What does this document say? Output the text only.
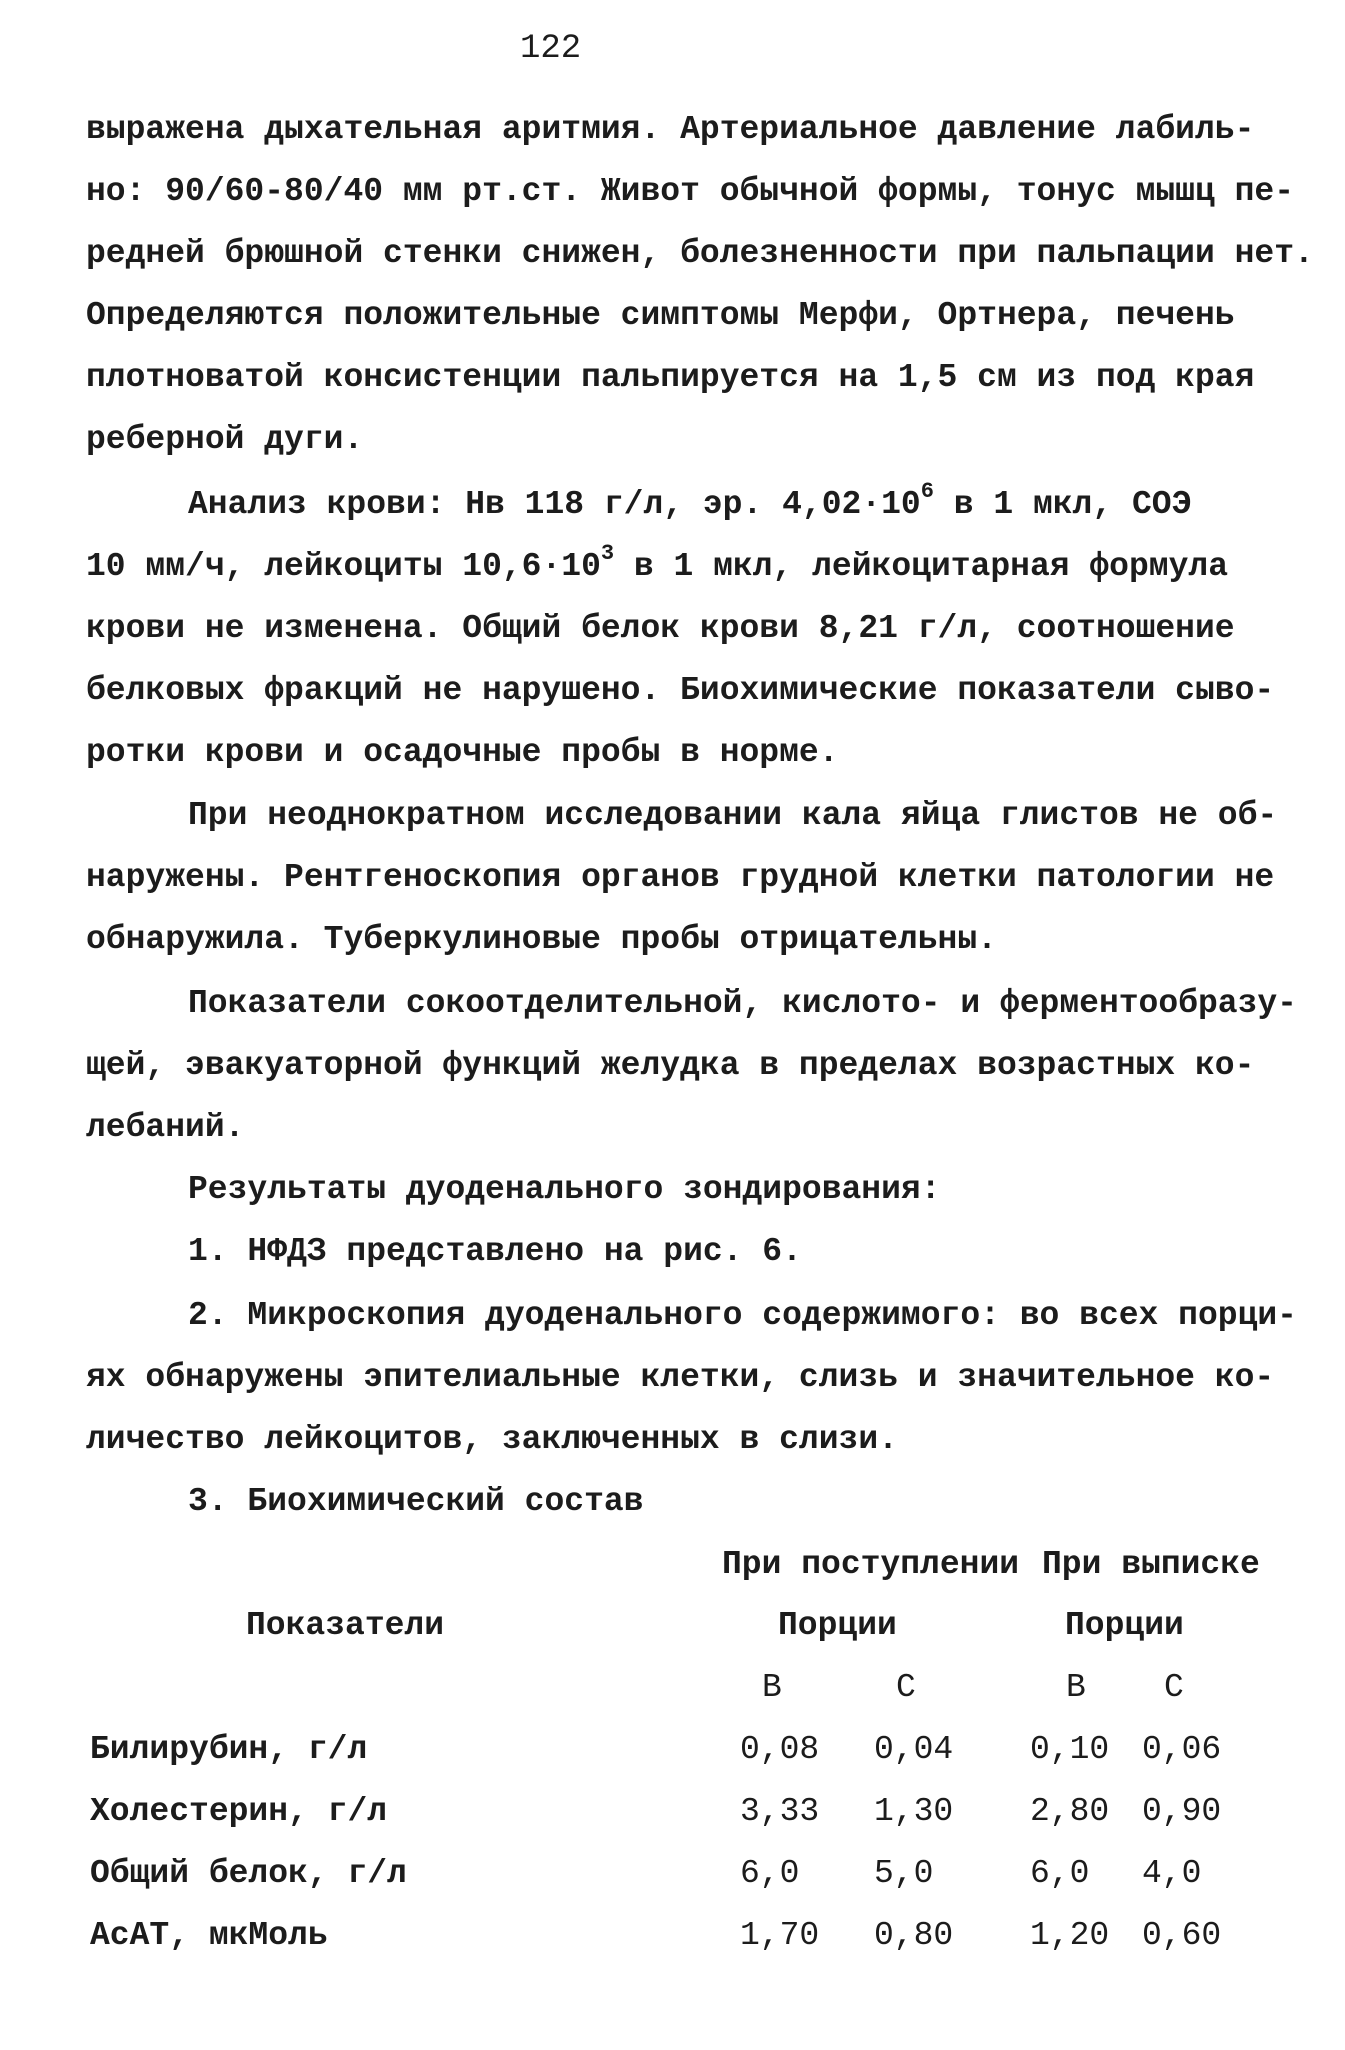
122
выражена дыхательная аритмия. Артериальное давление лабиль-
но: 90/60-80/40 мм рт.ст. Живот обычной формы, тонус мышц пе-
редней брюшной стенки снижен, болезненности при пальпации нет.
Определяются положительные симптомы Мерфи, Ортнера, печень
плотноватой консистенции пальпируется на 1,5 см из под края
реберной дуги.
Анализ крови: Нв 118 г/л, эр. $4,02\cdot 10^6$ в 1 мкл, СОЭ
10 мм/ч, лейкоциты $10,6\cdot 10^3$ в 1 мкл, лейкоцитарная формула
крови не изменена. Общий белок крови 8,21 г/л, соотношение
белковых фракций не нарушено. Биохимические показатели сыво-
ротки крови и осадочные пробы в норме.
При неоднократном исследовании кала яйца глистов не об-
наружены. Рентгеноскопия органов грудной клетки патологии не
обнаружила. Туберкулиновые пробы отрицательны.
Показатели сокоотделительной, кислото- и ферментообразу-
щей, эвакуаторной функций желудка в пределах возрастных ко-
лебаний.
Результаты дуоденального зондирования:
1. НФДЗ представлено на рис. 6.
2. Микроскопия дуоденального содержимого: во всех порци-
ях обнаружены эпителиальные клетки, слизь и значительное ко-
личество лейкоцитов, заключенных в слизи.
3. Биохимический состав
При поступлении При выписке
Показатели	Порции	Порции
В	С	В С
Билирубин, г/л	0,08 0,04 0,10 0,06
Холестерин, г/л	3,33 1,30 2,80 0,90
Общий белок, г/л	6,0 5,0	6,0 4,0
АсАТ, мкМоль	1,70 0,80 1,20 0,60
